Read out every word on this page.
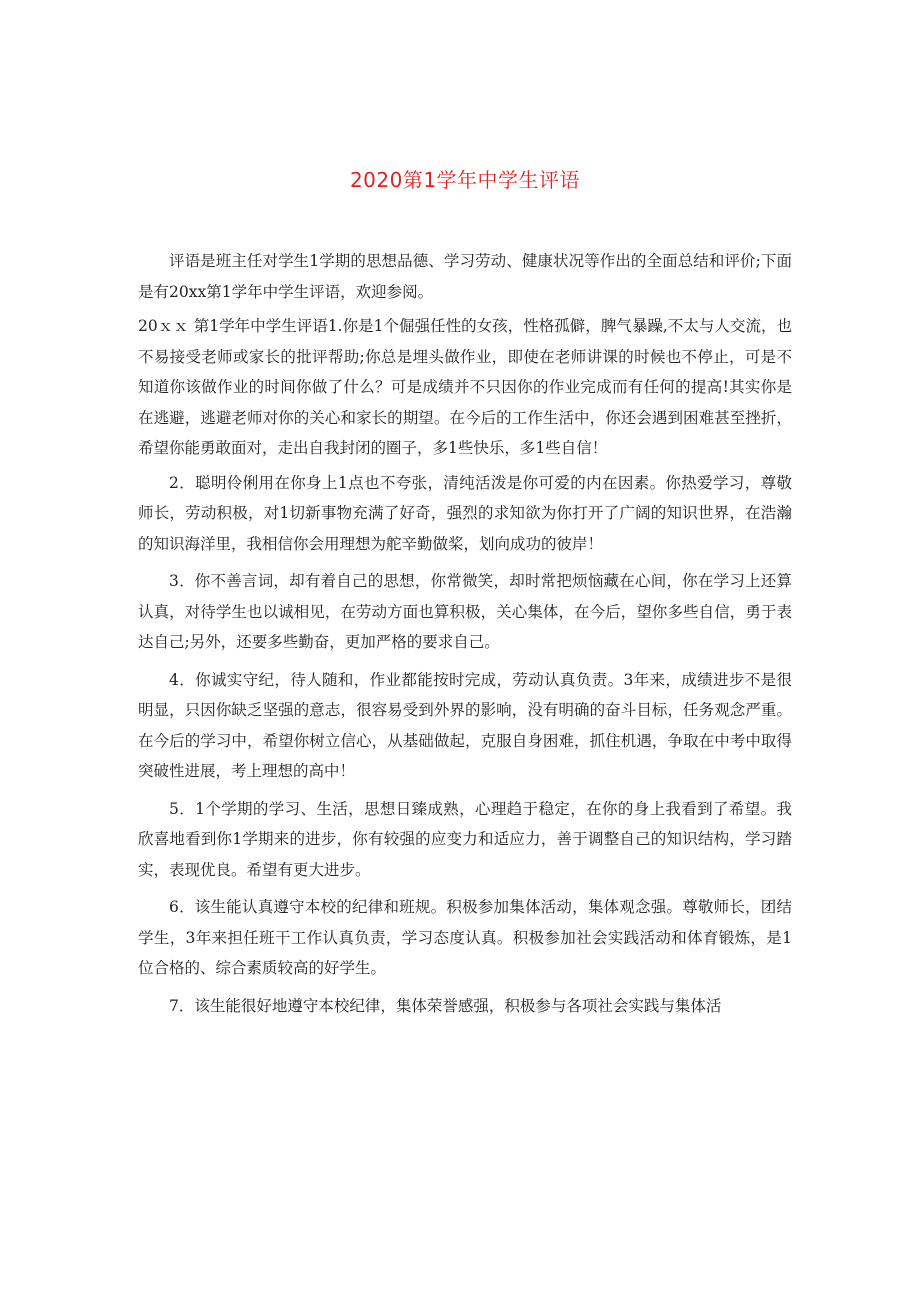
2020第1学年中学生评语

评语是班主任对学生1学期的思想品德、学习劳动、健康状况等作出的全面总结和评价;下面是有20xx第1学年中学生评语，欢迎参阅。

20ｘｘ 第1学年中学生评语1.你是1个倔强任性的女孩，性格孤僻，脾气暴躁,不太与人交流，也不易接受老师或家长的批评帮助;你总是埋头做作业，即使在老师讲课的时候也不停止，可是不知道你该做作业的时间你做了什么？可是成绩并不只因你的作业完成而有任何的提高!其实你是在逃避，逃避老师对你的关心和家长的期望。在今后的工作生活中，你还会遇到困难甚至挫折，希望你能勇敢面对，走出自我封闭的圈子，多1些快乐，多1些自信！

2．聪明伶俐用在你身上1点也不夸张，清纯活泼是你可爱的内在因素。你热爱学习，尊敬师长，劳动积极，对1切新事物充满了好奇，强烈的求知欲为你打开了广阔的知识世界，在浩瀚的知识海洋里，我相信你会用理想为舵辛勤做桨，划向成功的彼岸！

3．你不善言词，却有着自己的思想，你常微笑，却时常把烦恼藏在心间，你在学习上还算认真，对待学生也以诚相见，在劳动方面也算积极，关心集体，在今后，望你多些自信，勇于表达自己;另外，还要多些勤奋，更加严格的要求自己。

4．你诚实守纪，待人随和，作业都能按时完成，劳动认真负责。3年来，成绩进步不是很明显，只因你缺乏坚强的意志，很容易受到外界的影响，没有明确的奋斗目标，任务观念严重。在今后的学习中，希望你树立信心，从基础做起，克服自身困难，抓住机遇，争取在中考中取得突破性进展，考上理想的高中！

5．1个学期的学习、生活，思想日臻成熟，心理趋于稳定，在你的身上我看到了希望。我欣喜地看到你1学期来的进步，你有较强的应变力和适应力，善于调整自己的知识结构，学习踏实，表现优良。希望有更大进步。

6．该生能认真遵守本校的纪律和班规。积极参加集体活动，集体观念强。尊敬师长，团结学生，3年来担任班干工作认真负责，学习态度认真。积极参加社会实践活动和体育锻炼，是1位合格的、综合素质较高的好学生。

7．该生能很好地遵守本校纪律，集体荣誉感强，积极参与各项社会实践与集体活
